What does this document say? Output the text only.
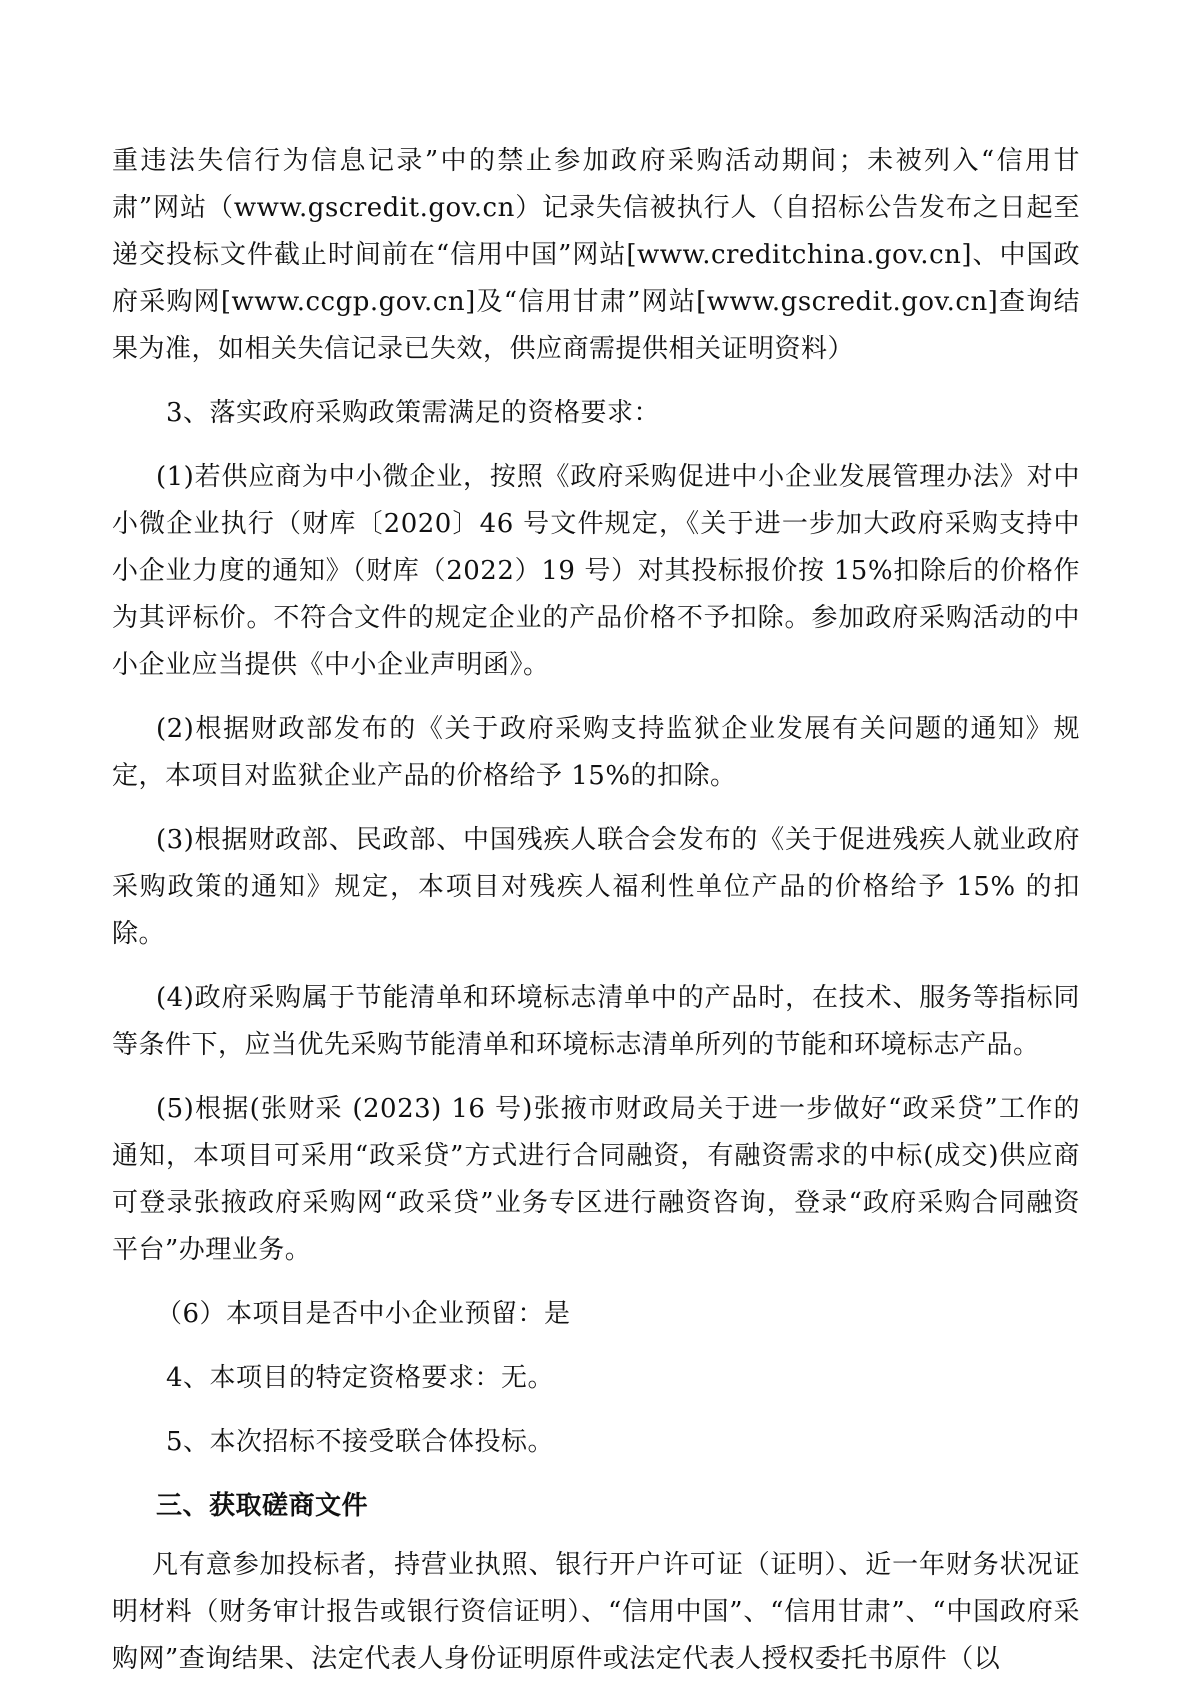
重违法失信行为信息记录”中的禁止参加政府采购活动期间；未被列入“信用甘肃”网站（www.gscredit.gov.cn）记录失信被执行人（自招标公告发布之日起至递交投标文件截止时间前在“信用中国”网站[www.creditchina.gov.cn]、中国政府采购网[www.ccgp.gov.cn]及“信用甘肃”网站[www.gscredit.gov.cn]查询结果为准，如相关失信记录已失效，供应商需提供相关证明资料）

3、落实政府采购政策需满足的资格要求：

(1)若供应商为中小微企业，按照《政府采购促进中小企业发展管理办法》对中小微企业执行（财库〔2020〕46 号文件规定，《关于进一步加大政府采购支持中小企业力度的通知》（财库（2022）19 号）对其投标报价按 15%扣除后的价格作为其评标价。不符合文件的规定企业的产品价格不予扣除。参加政府采购活动的中小企业应当提供《中小企业声明函》。

(2)根据财政部发布的《关于政府采购支持监狱企业发展有关问题的通知》规定，本项目对监狱企业产品的价格给予 15%的扣除。

(3)根据财政部、民政部、中国残疾人联合会发布的《关于促进残疾人就业政府采购政策的通知》规定，本项目对残疾人福利性单位产品的价格给予 15% 的扣除。

(4)政府采购属于节能清单和环境标志清单中的产品时，在技术、服务等指标同等条件下，应当优先采购节能清单和环境标志清单所列的节能和环境标志产品。

(5)根据(张财采 (2023) 16 号)张掖市财政局关于进一步做好“政采贷”工作的通知，本项目可采用“政采贷”方式进行合同融资，有融资需求的中标(成交)供应商可登录张掖政府采购网“政采贷”业务专区进行融资咨询，登录“政府采购合同融资平台”办理业务。

（6）本项目是否中小企业预留：是

4、本项目的特定资格要求：无。

5、本次招标不接受联合体投标。

三、获取磋商文件

凡有意参加投标者，持营业执照、银行开户许可证（证明）、近一年财务状况证明材料（财务审计报告或银行资信证明）、“信用中国”、“信用甘肃”、“中国政府采购网”查询结果、法定代表人身份证明原件或法定代表人授权委托书原件（以
